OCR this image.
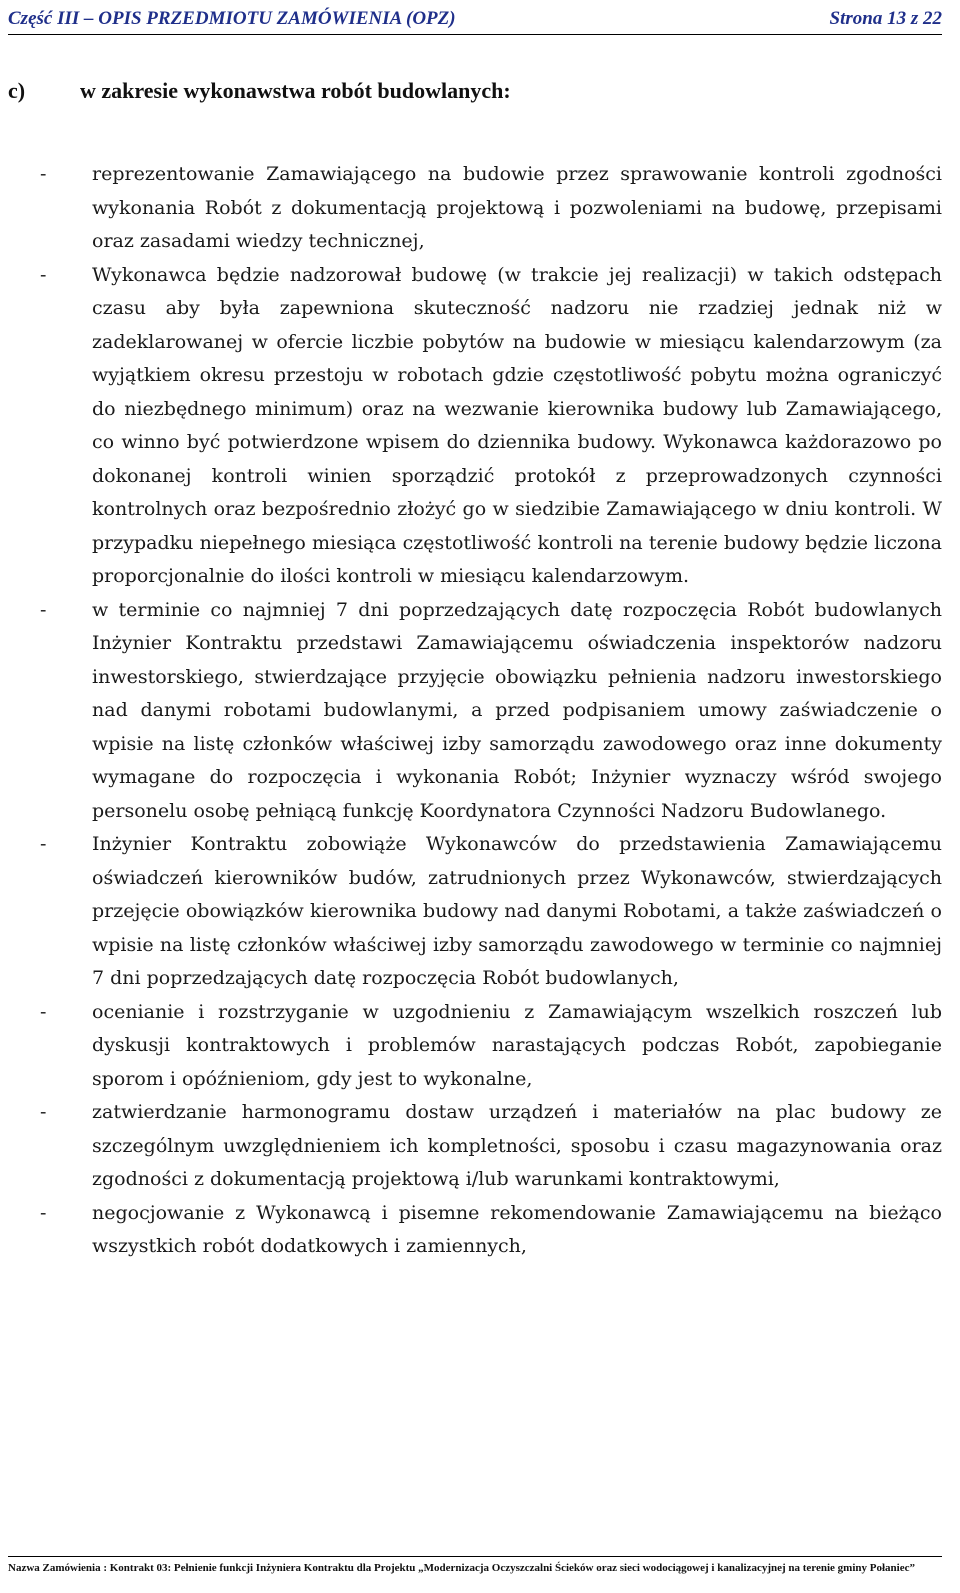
Część III – OPIS PRZEDMIOTU ZAMÓWIENIA (OPZ)	Strona 13 z 22
c)	w zakresie wykonawstwa robót budowlanych:
- reprezentowanie Zamawiającego na budowie przez sprawowanie kontroli zgodności wykonania Robót z dokumentacją projektową i pozwoleniami na budowę, przepisami oraz zasadami wiedzy technicznej,
- Wykonawca będzie nadzorował budowę (w trakcie jej realizacji) w takich odstępach czasu aby była zapewniona skuteczność nadzoru nie rzadziej jednak niż w zadeklarowanej w ofercie liczbie pobytów na budowie w miesiącu kalendarzowym (za wyjątkiem okresu przestoju w robotach gdzie częstotliwość pobytu można ograniczyć do niezbędnego minimum) oraz na wezwanie kierownika budowy lub Zamawiającego, co winno być potwierdzone wpisem do dziennika budowy. Wykonawca każdorazowo po dokonanej kontroli winien sporządzić protokół z przeprowadzonych czynności kontrolnych oraz bezpośrednio złożyć go w siedzibie Zamawiającego w dniu kontroli. W przypadku niepełnego miesiąca częstotliwość kontroli na terenie budowy będzie liczona proporcjonalnie do ilości kontroli w miesiącu kalendarzowym.
- w terminie co najmniej 7 dni poprzedzających datę rozpoczęcia Robót budowlanych Inżynier Kontraktu przedstawi Zamawiającemu oświadczenia inspektorów nadzoru inwestorskiego, stwierdzające przyjęcie obowiązku pełnienia nadzoru inwestorskiego nad danymi robotami budowlanymi, a przed podpisaniem umowy zaświadczenie o wpisie na listę członków właściwej izby samorządu zawodowego oraz inne dokumenty wymagane do rozpoczęcia i wykonania Robót; Inżynier wyznaczy wśród swojego personelu osobę pełniącą funkcję Koordynatora Czynności Nadzoru Budowlanego.
- Inżynier Kontraktu zobowiąże Wykonawców do przedstawienia Zamawiającemu oświadczeń kierowników budów, zatrudnionych przez Wykonawców, stwierdzających przejęcie obowiązków kierownika budowy nad danymi Robotami, a także zaświadczeń o wpisie na listę członków właściwej izby samorządu zawodowego w terminie co najmniej 7 dni poprzedzających datę rozpoczęcia Robót budowlanych,
- ocenianie i rozstrzyganie w uzgodnieniu z Zamawiającym wszelkich roszczeń lub dyskusji kontraktowych i problemów narastających podczas Robót, zapobieganie sporom i opóźnieniom, gdy jest to wykonalne,
- zatwierdzanie harmonogramu dostaw urządzeń i materiałów na plac budowy ze szczególnym uwzględnieniem ich kompletności, sposobu i czasu magazynowania oraz zgodności z dokumentacją projektową i/lub warunkami kontraktowymi,
- negocjowanie z Wykonawcą i pisemne rekomendowanie Zamawiającemu na bieżąco wszystkich robót dodatkowych i zamiennych,
Nazwa Zamówienia : Kontrakt 03: Pełnienie funkcji Inżyniera Kontraktu dla Projektu „Modernizacja Oczyszczalni Ścieków oraz sieci wodociągowej i kanalizacyjnej na terenie gminy Połaniec”
